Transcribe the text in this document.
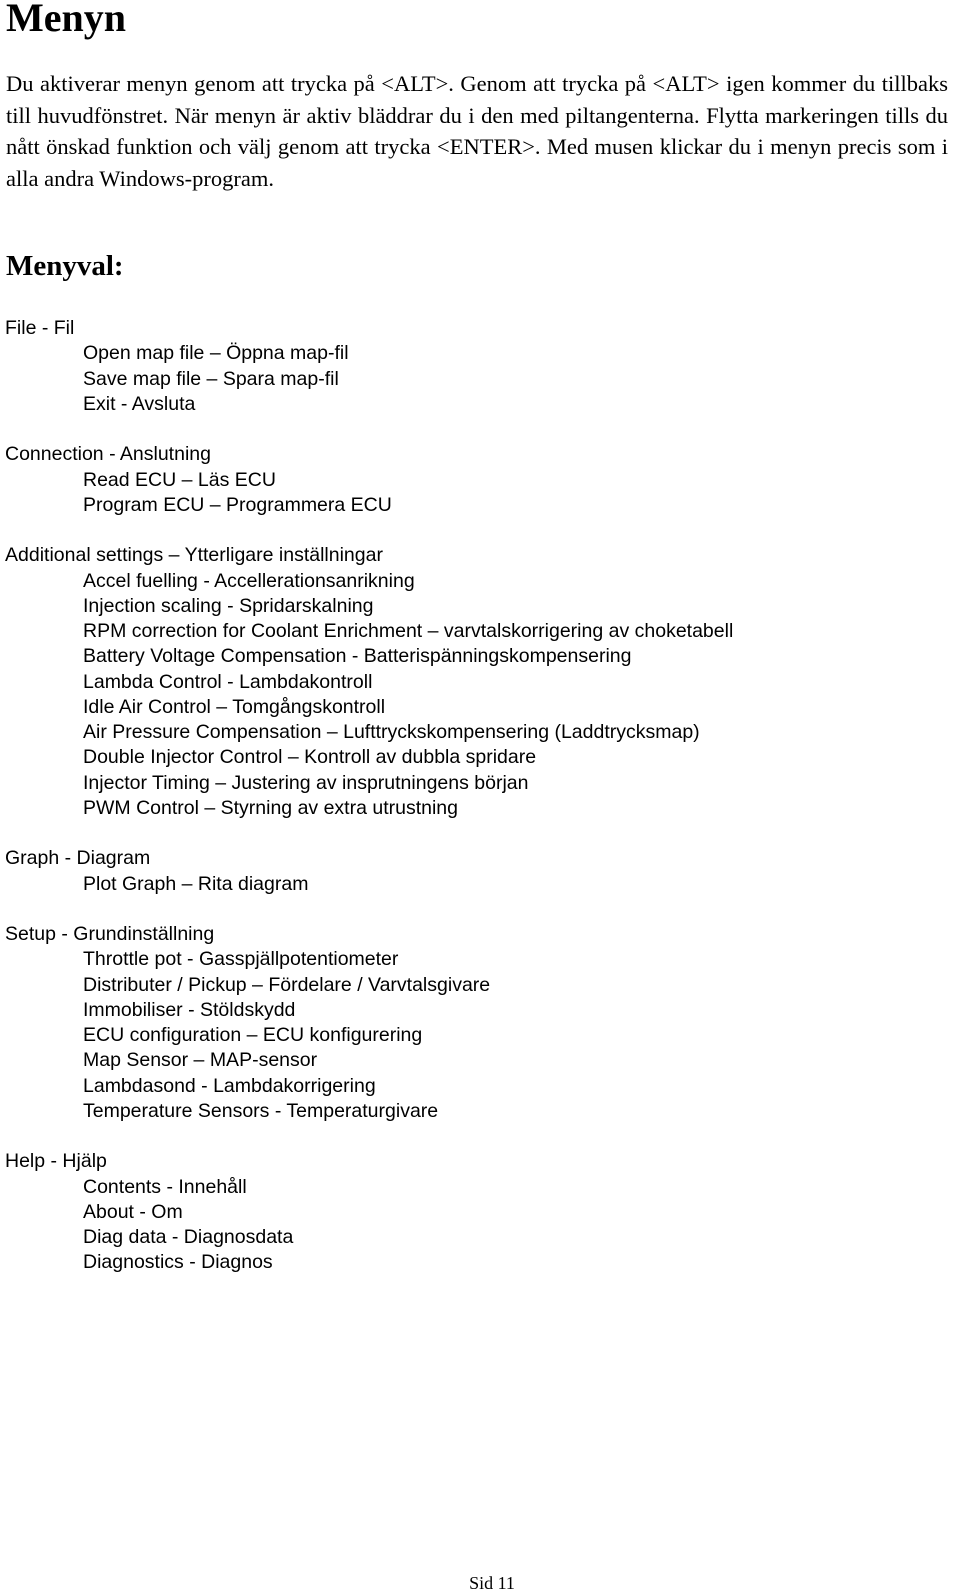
Menyn

Du aktiverar menyn genom att trycka på <ALT>. Genom att trycka på <ALT> igen kommer du tillbaks till huvudfönstret. När menyn är aktiv bläddrar du i den med piltangenterna. Flytta markeringen tills du nått önskad funktion och välj genom att trycka <ENTER>. Med musen klickar du i menyn precis som i alla andra Windows-program.

Menyval:
File - Fil
Open map file – Öppna map-fil
Save map file – Spara map-fil
Exit - Avsluta
Connection - Anslutning
Read ECU – Läs ECU
Program ECU – Programmera ECU
Additional settings – Ytterligare inställningar
Accel fuelling - Accellerationsanrikning
Injection scaling - Spridarskalning
RPM correction for Coolant Enrichment – varvtalskorrigering av choketabell
Battery Voltage Compensation - Batterispänningskompensering
Lambda Control - Lambdakontroll
Idle Air Control – Tomgångskontroll
Air Pressure Compensation – Lufttryckskompensering (Laddtrycksmap)
Double Injector Control – Kontroll av dubbla spridare
Injector Timing – Justering av insprutningens början
PWM Control – Styrning av extra utrustning
Graph - Diagram
Plot Graph – Rita diagram
Setup - Grundinställning
Throttle pot - Gasspjällpotentiometer
Distributer / Pickup – Fördelare / Varvtalsgivare
Immobiliser - Stöldskydd
ECU configuration – ECU konfigurering
Map Sensor – MAP-sensor
Lambdasond - Lambdakorrigering
Temperature Sensors - Temperaturgivare
Help - Hjälp
Contents - Innehåll
About - Om
Diag data - Diagnosdata
Diagnostics - Diagnos
Sid 11
